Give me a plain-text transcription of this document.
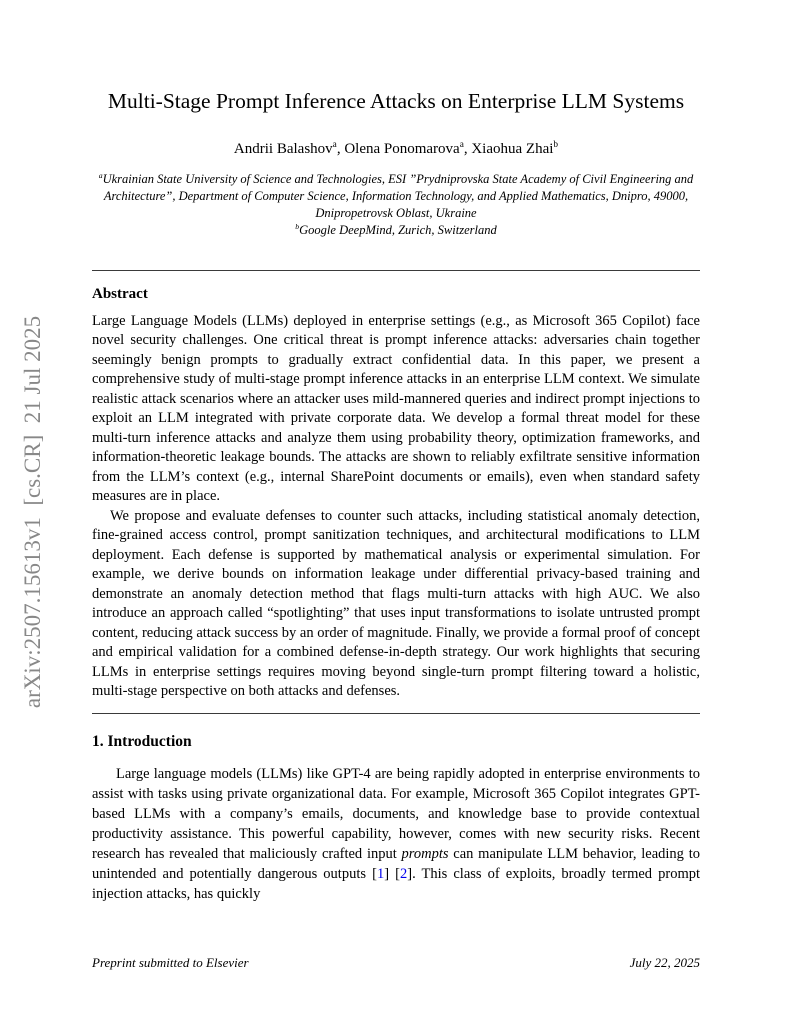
arXiv:2507.15613v1  [cs.CR]  21 Jul 2025
Multi-Stage Prompt Inference Attacks on Enterprise LLM Systems
Andrii Balashov$^a$, Olena Ponomarova$^a$, Xiaohua Zhai$^b$
$^a$Ukrainian State University of Science and Technologies, ESI ”Prydniprovska State Academy of Civil Engineering and Architecture”, Department of Computer Science, Information Technology, and Applied Mathematics, Dnipro, 49000, Dnipropetrovsk Oblast, Ukraine
$^b$Google DeepMind, Zurich, Switzerland
Abstract

Large Language Models (LLMs) deployed in enterprise settings (e.g., as Microsoft 365 Copilot) face novel security challenges. One critical threat is prompt inference attacks: adversaries chain together seemingly benign prompts to gradually extract confidential data. In this paper, we present a comprehensive study of multi-stage prompt inference attacks in an enterprise LLM context. We simulate realistic attack scenarios where an attacker uses mild-mannered queries and indirect prompt injections to exploit an LLM integrated with private corporate data. We develop a formal threat model for these multi-turn inference attacks and analyze them using probability theory, optimization frameworks, and information-theoretic leakage bounds. The attacks are shown to reliably exfiltrate sensitive information from the LLM’s context (e.g., internal SharePoint documents or emails), even when standard safety measures are in place.

We propose and evaluate defenses to counter such attacks, including statistical anomaly detection, fine-grained access control, prompt sanitization techniques, and architectural modifications to LLM deployment. Each defense is supported by mathematical analysis or experimental simulation. For example, we derive bounds on information leakage under differential privacy-based training and demonstrate an anomaly detection method that flags multi-turn attacks with high AUC. We also introduce an approach called “spotlighting” that uses input transformations to isolate untrusted prompt content, reducing attack success by an order of magnitude. Finally, we provide a formal proof of concept and empirical validation for a combined defense-in-depth strategy. Our work highlights that securing LLMs in enterprise settings requires moving beyond single-turn prompt filtering toward a holistic, multi-stage perspective on both attacks and defenses.

1. Introduction

Large language models (LLMs) like GPT-4 are being rapidly adopted in enterprise environments to assist with tasks using private organizational data. For example, Microsoft 365 Copilot integrates GPT-based LLMs with a company’s emails, documents, and knowledge base to provide contextual productivity assistance. This powerful capability, however, comes with new security risks. Recent research has revealed that maliciously crafted input prompts can manipulate LLM behavior, leading to unintended and potentially dangerous outputs [1] [2]. This class of exploits, broadly termed prompt injection attacks, has quickly

Preprint submitted to Elsevier	July 22, 2025
